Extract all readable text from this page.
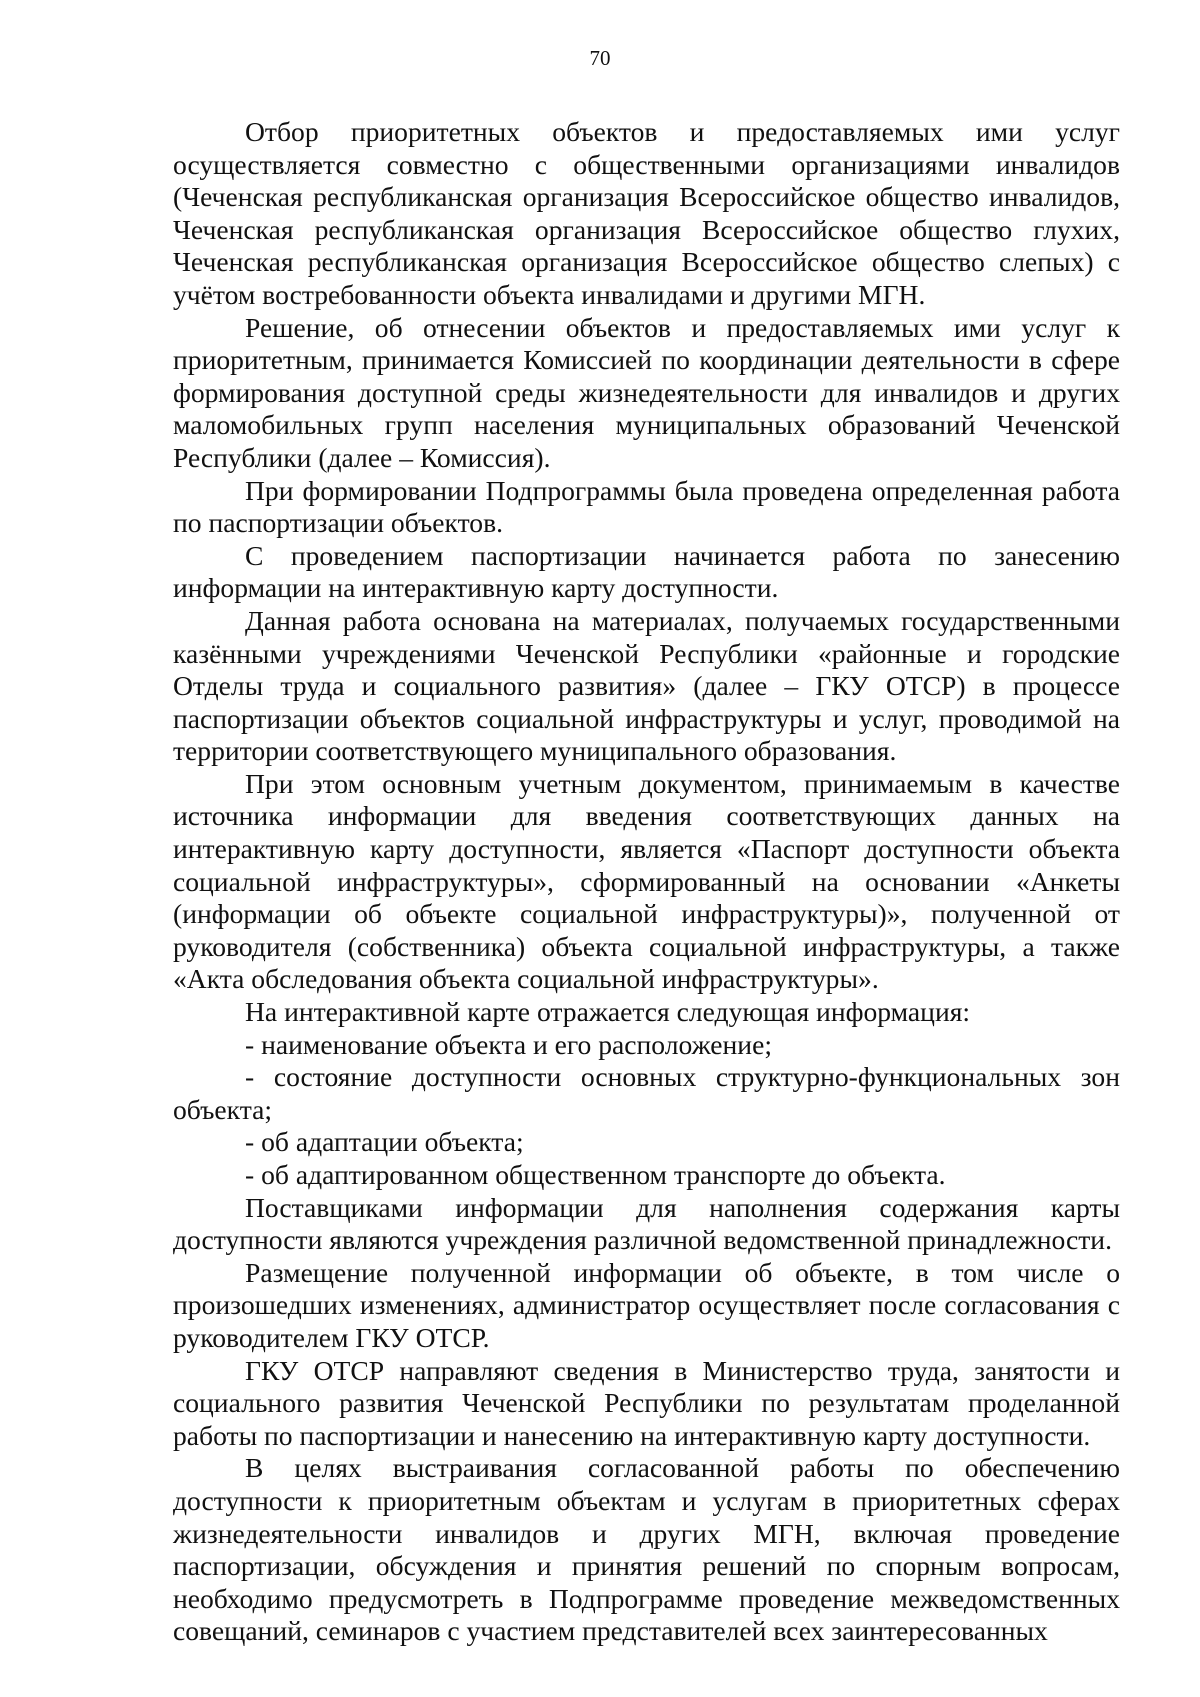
70

Отбор приоритетных объектов и предоставляемых ими услуг осуществляется совместно с общественными организациями инвалидов (Чеченская республиканская организация Всероссийское общество инвалидов, Чеченская республиканская организация Всероссийское общество глухих, Чеченская республиканская организация Всероссийское общество слепых) с учётом востребованности объекта инвалидами и другими МГН.

Решение, об отнесении объектов и предоставляемых ими услуг к приоритетным, принимается Комиссией по координации деятельности в сфере формирования доступной среды жизнедеятельности для инвалидов и других маломобильных групп населения муниципальных образований Чеченской Республики (далее – Комиссия).

При формировании Подпрограммы была проведена определенная работа по паспортизации объектов.

С проведением паспортизации начинается работа по занесению информации на интерактивную карту доступности.

Данная работа основана на материалах, получаемых государственными казёнными учреждениями Чеченской Республики «районные и городские Отделы труда и социального развития» (далее – ГКУ ОТСР) в процессе паспортизации объектов социальной инфраструктуры и услуг, проводимой на территории соответствующего муниципального образования.

При этом основным учетным документом, принимаемым в качестве источника информации для введения соответствующих данных на интерактивную карту доступности, является «Паспорт доступности объекта социальной инфраструктуры», сформированный на основании «Анкеты (информации об объекте социальной инфраструктуры)», полученной от руководителя (собственника) объекта социальной инфраструктуры, а также «Акта обследования объекта социальной инфраструктуры».

На интерактивной карте отражается следующая информация:

- наименование объекта и его расположение;

- состояние доступности основных структурно-функциональных зон объекта;

- об адаптации объекта;

- об адаптированном общественном транспорте до объекта.

Поставщиками информации для наполнения содержания карты доступности являются учреждения различной ведомственной принадлежности.

Размещение полученной информации об объекте, в том числе о произошедших изменениях, администратор осуществляет после согласования с руководителем ГКУ ОТСР.

ГКУ ОТСР направляют сведения в Министерство труда, занятости и социального развития Чеченской Республики по результатам проделанной работы по паспортизации и нанесению на интерактивную карту доступности.

В целях выстраивания согласованной работы по обеспечению доступности к приоритетным объектам и услугам в приоритетных сферах жизнедеятельности инвалидов и других МГН, включая проведение паспортизации, обсуждения и принятия решений по спорным вопросам, необходимо предусмотреть в Подпрограмме проведение межведомственных совещаний, семинаров с участием представителей всех заинтересованных
